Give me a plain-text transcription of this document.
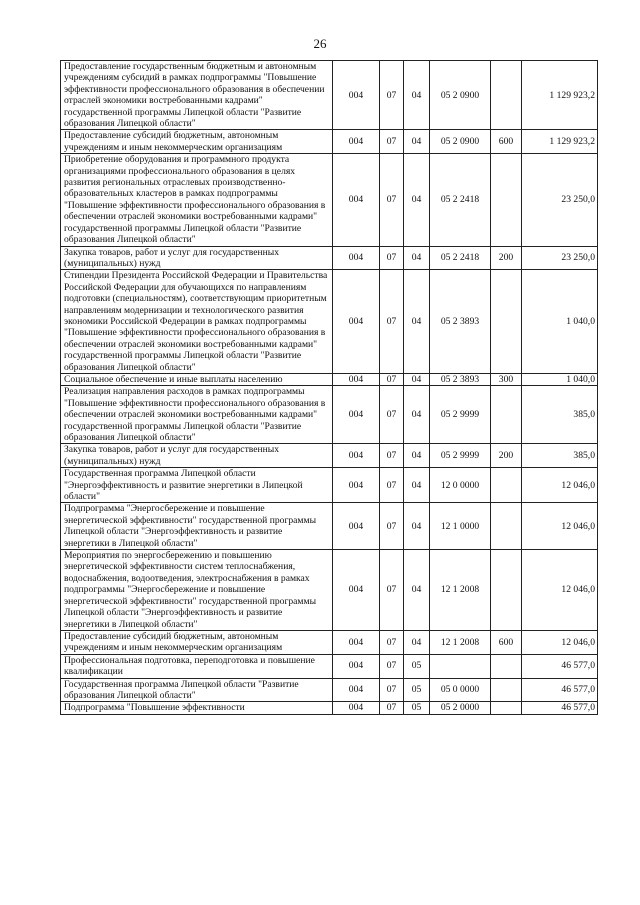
26
Предоставление государственным бюджетным и автономным учреждениям субсидий в рамках подпрограммы "Повышение эффективности профессионального образования в обеспечении отраслей экономики востребованными кадрами" государственной программы Липецкой области "Развитие образования Липецкой области"	004	07	04	05 2 0900		1 129 923,2
Предоставление субсидий бюджетным, автономным учреждениям и иным некоммерческим организациям	004	07	04	05 2 0900	600	1 129 923,2
Приобретение оборудования и программного продукта организациями профессионального образования в целях развития региональных отраслевых производственно-образовательных кластеров в рамках подпрограммы "Повышение эффективности профессионального образования в обеспечении отраслей экономики востребованными кадрами" государственной программы Липецкой области "Развитие образования Липецкой области"	004	07	04	05 2 2418		23 250,0
Закупка товаров, работ и услуг для государственных (муниципальных) нужд	004	07	04	05 2 2418	200	23 250,0
Стипендии Президента Российской Федерации и Правительства Российской Федерации для обучающихся по направлениям подготовки (специальностям), соответствующим приоритетным направлениям модернизации и технологического развития экономики Российской Федерации в рамках подпрограммы "Повышение эффективности профессионального образования в обеспечении отраслей экономики востребованными кадрами" государственной программы Липецкой области "Развитие образования Липецкой области"	004	07	04	05 2 3893		1 040,0
Социальное обеспечение и иные выплаты населению	004	07	04	05 2 3893	300	1 040,0
Реализация направления расходов в рамках подпрограммы "Повышение эффективности профессионального образования в обеспечении отраслей экономики востребованными кадрами" государственной программы Липецкой области "Развитие образования Липецкой области"	004	07	04	05 2 9999		385,0
Закупка товаров, работ и услуг для государственных (муниципальных) нужд	004	07	04	05 2 9999	200	385,0
Государственная программа Липецкой области "Энергоэффективность и развитие энергетики в Липецкой области"	004	07	04	12 0 0000		12 046,0
Подпрограмма "Энергосбережение и повышение энергетической эффективности" государственной программы Липецкой области "Энергоэффективность и развитие энергетики в Липецкой области"	004	07	04	12 1 0000		12 046,0
Мероприятия по энергосбережению и повышению энергетической эффективности систем теплоснабжения, водоснабжения, водоотведения, электроснабжения в рамках подпрограммы "Энергосбережение и повышение энергетической эффективности" государственной программы Липецкой области "Энергоэффективность и развитие энергетики в Липецкой области"	004	07	04	12 1 2008		12 046,0
Предоставление субсидий бюджетным, автономным учреждениям и иным некоммерческим организациям	004	07	04	12 1 2008	600	12 046,0
Профессиональная подготовка, переподготовка и повышение квалификации	004	07	05			46 577,0
Государственная программа Липецкой области "Развитие образования Липецкой области"	004	07	05	05 0 0000		46 577,0
Подпрограмма "Повышение эффективности	004	07	05	05 2 0000		46 577,0
